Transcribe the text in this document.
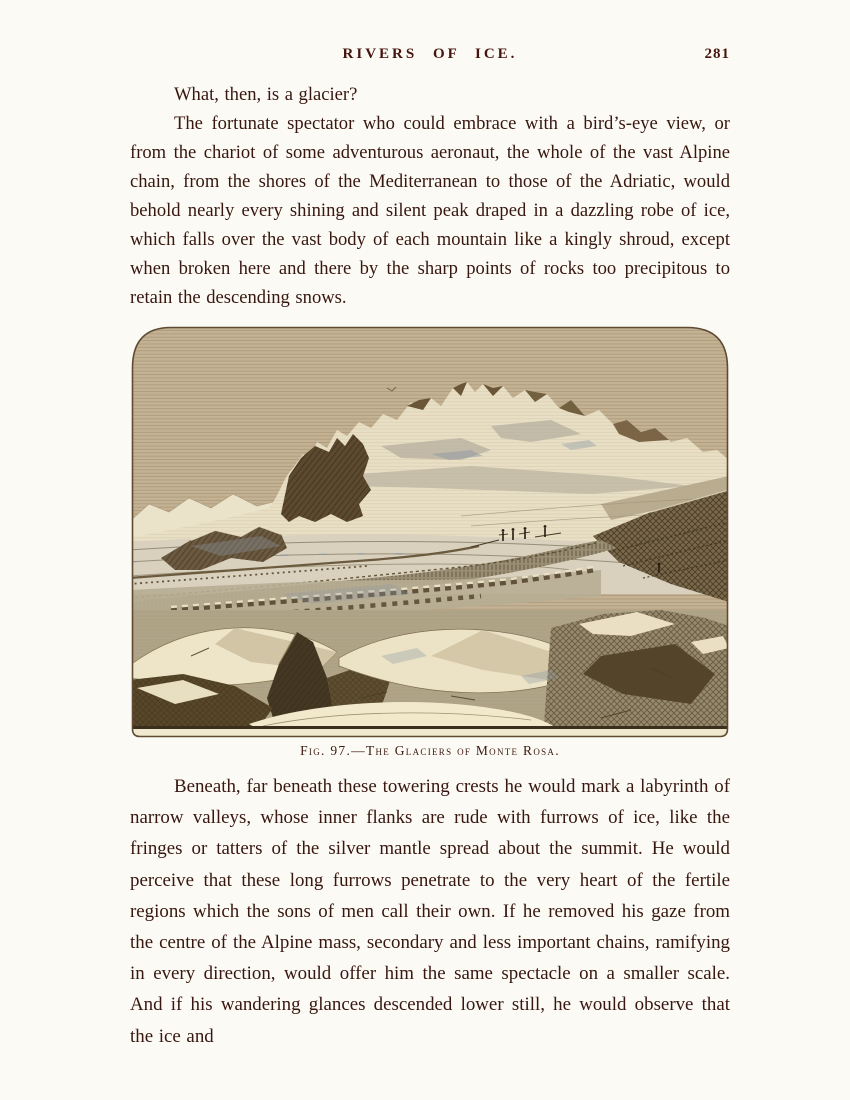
RIVERS OF ICE.	281

What, then, is a glacier?

The fortunate spectator who could embrace with a bird’s-eye view, or from the chariot of some adventurous aeronaut, the whole of the vast Alpine chain, from the shores of the Mediterranean to those of the Adriatic, would behold nearly every shining and silent peak draped in a dazzling robe of ice, which falls over the vast body of each mountain like a kingly shroud, except when broken here and there by the sharp points of rocks too precipitous to retain the descending snows.

Fig. 97.—The Glaciers of Monte Rosa.

Beneath, far beneath these towering crests he would mark a labyrinth of narrow valleys, whose inner flanks are rude with furrows of ice, like the fringes or tatters of the silver mantle spread about the summit. He would perceive that these long furrows penetrate to the very heart of the fertile regions which the sons of men call their own. If he removed his gaze from the centre of the Alpine mass, secondary and less important chains, ramifying in every direction, would offer him the same spectacle on a smaller scale. And if his wandering glances descended lower still, he would observe that the ice and
